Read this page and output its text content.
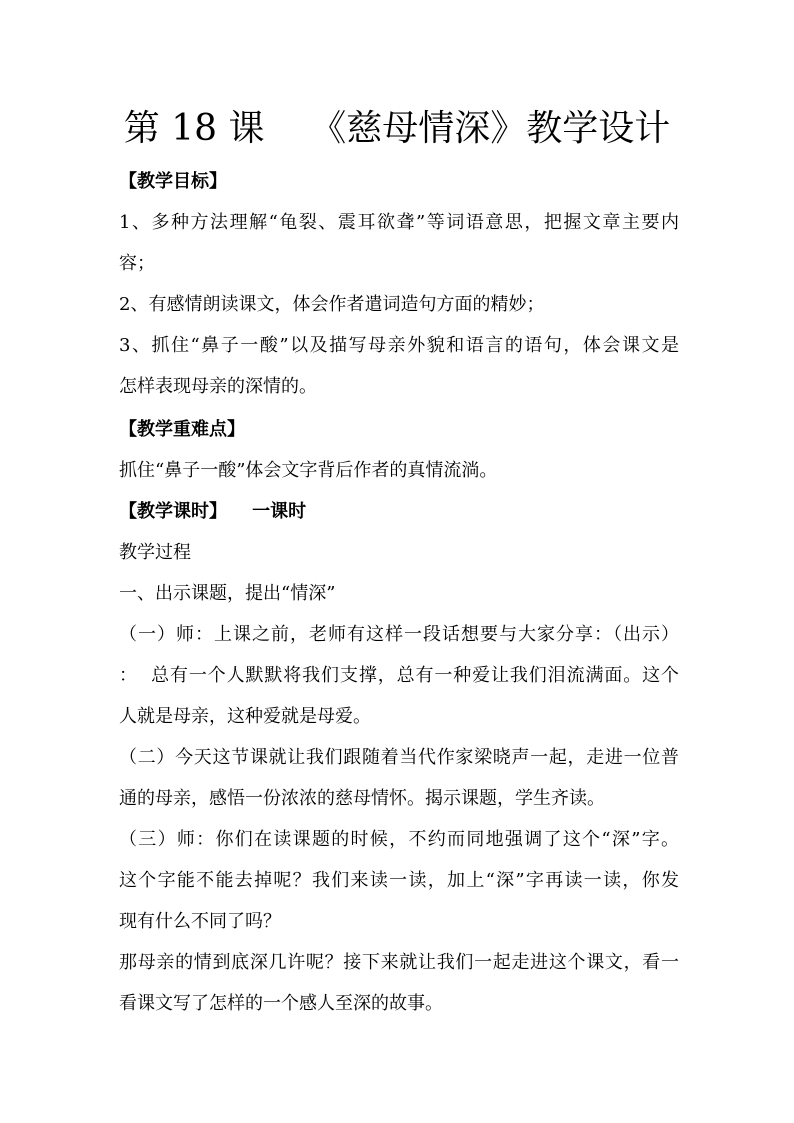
第 18 课    《慈母情深》教学设计
【教学目标】
1、多种方法理解“龟裂、震耳欲聋”等词语意思，把握文章主要内
容；
2、有感情朗读课文，体会作者遣词造句方面的精妙；
3、抓住“鼻子一酸”以及描写母亲外貌和语言的语句，体会课文是
怎样表现母亲的深情的。
【教学重难点】
抓住“鼻子一酸”体会文字背后作者的真情流淌。
【教学课时】    一课时
教学过程
一、出示课题，提出“情深”
（一）师：上课之前，老师有这样一段话想要与大家分享：（出示）
：  总有一个人默默将我们支撑，总有一种爱让我们泪流满面。这个
人就是母亲，这种爱就是母爱。
（二）今天这节课就让我们跟随着当代作家梁晓声一起，走进一位普
通的母亲，感悟一份浓浓的慈母情怀。揭示课题，学生齐读。
（三）师：你们在读课题的时候，不约而同地强调了这个“深”字。
这个字能不能去掉呢？我们来读一读，加上“深”字再读一读，你发
现有什么不同了吗？
那母亲的情到底深几许呢？接下来就让我们一起走进这个课文，看一
看课文写了怎样的一个感人至深的故事。
